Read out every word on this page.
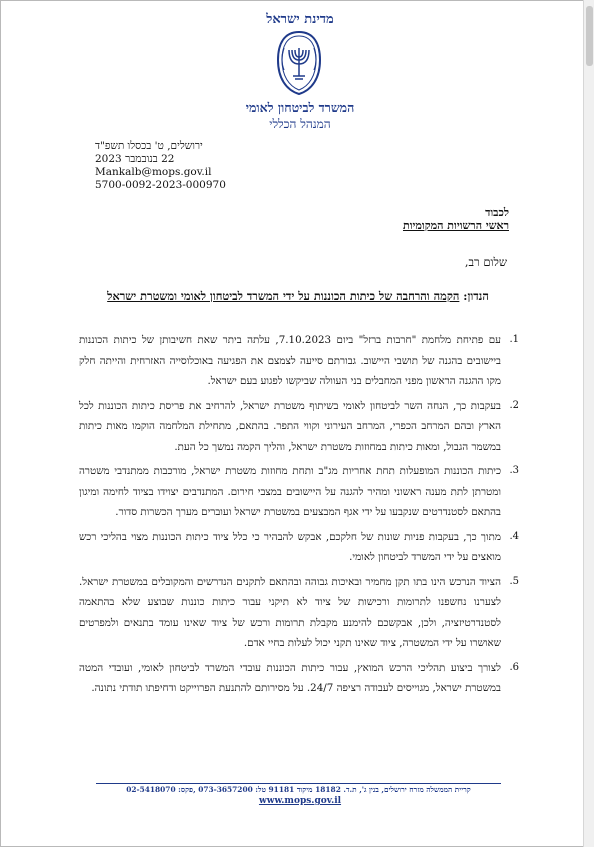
מדינת ישראל
המשרד לביטחון לאומי
המנהל הכללי
ירושלים, ט' בכסלו תשפ"ד
22 בנובמבר 2023
Mankalb@mops.gov.il
5700-0092-2023-000970
לכבוד
ראשי הרשויות המקומיות
שלום רב,
הנדון: הקמה והרחבה של כיתות הכוננות על ידי המשרד לביטחון לאומי ומשטרת ישראל
1.
עם פתיחת מלחמת "חרבות ברזל" ביום 7.10.2023, עלתה ביתר שאת חשיבותן של כיתות הכוננות ביישובים בהגנה של תושבי היישוב. גבורתם סייעה לצמצם את הפגיעה באוכלוסייה האזרחית והייתה חלק מקו ההגנה הראשון מפני המחבלים בני העוולה שביקשו לפגוע בעם ישראל.
2.
בעקבות כך, הנחה השר לביטחון לאומי בשיתוף משטרת ישראל, להרחיב את פריסת כיתות הכוננות לכל הארץ ובהם המרחב הכפרי, המרחב העירוני וקווי התפר. בהתאם, מתחילת המלחמה הוקמו מאות כיתות במשמר הגבול, ומאות כיתות במחוזות משטרת ישראל, והליך הקמה נמשך כל העת.
3.
כיתות הכוננות המופעלות תחת אחריות מג"ב ותחת מחוזות משטרת ישראל, מורכבות ממתנדבי משטרה ומטרתן לתת מענה ראשוני ומהיר להגנה על היישובים במצבי חירום. המתנדבים יצוידו בציוד לחימה ומיגון בהתאם לסטנדרטים שנקבעו על ידי אגף המבצעים במשטרת ישראל ועוברים מערך הכשרות סדור.
4.
מתוך כך, בעקבות פניות שונות של חלקכם, אבקש להבהיר כי כלל ציוד כיתות הכוננות מצוי בהליכי רכש מואצים על ידי המשרד לביטחון לאומי.
5.
הציוד הנרכש הינו בתו תקן מחמיר ובאיכות גבוהה ובהתאם לתקנים הנדרשים והמקובלים במשטרת ישראל. לצערנו נחשפנו לתרומות ורכישות של ציוד לא תיקני עבור כיתות כוננות שבוצע שלא בהתאמה לסטנדרטיזציה, ולכן, אבקשכם להימנע מקבלת תרומות ורכש של ציוד שאינו עומד בתנאים ולמפרטים שאושרו על ידי המשטרה, ציוד שאינו תקני יכול לעלות בחיי אדם.
6.
לצורך ביצוע תהליכי הרכש המואץ, עבור כיתות הכוננות עובדי המשרד לביטחון לאומי, ועובדי המטה במשטרת ישראל, מגוייסים לעבודה רציפה 24/7. על מסירותם להתנעת הפרוייקט ודחיפתו תודתי נתונה.
קריית הממשלה מזרח ירושלים, בנין ג', ת.ד. 18182 מיקוד 91181 טל: 073-3657200 ,פקס: 02-5418070
www.mops.gov.il
